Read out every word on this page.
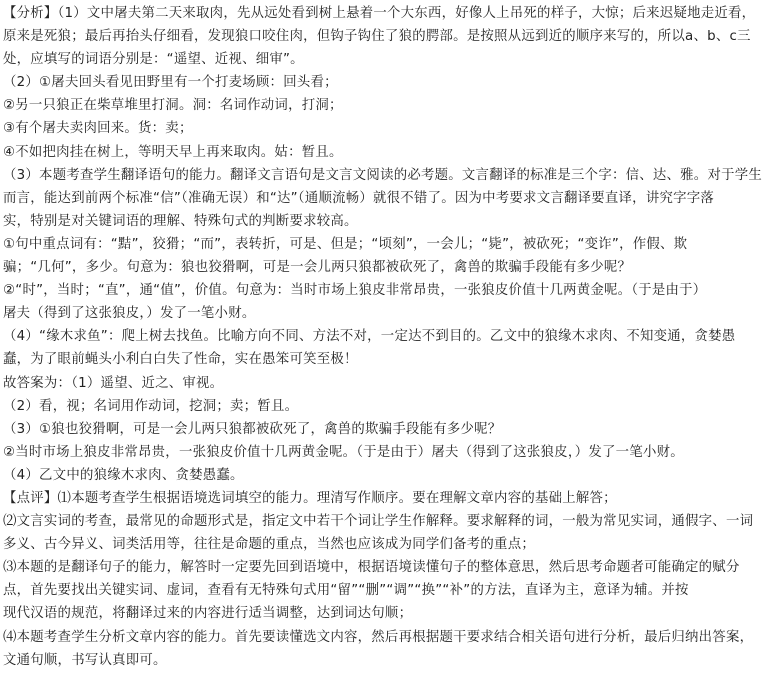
【分析】（1）文中屠夫第二天来取肉，先从远处看到树上悬着一个大东西，好像人上吊死的样子，大惊；后来迟疑地走近看，
原来是死狼；最后再抬头仔细看，发现狼口咬住肉，但钩子钩住了狼的腭部。是按照从远到近的顺序来写的，所以a、b、c三
处，应填写的词语分别是：“遥望、近视、细审”。
（2）①屠夫回头看见田野里有一个打麦场顾：回头看；
②另一只狼正在柴草堆里打洞。洞：名词作动词，打洞；
③有个屠夫卖肉回来。货：卖；
④不如把肉挂在树上，等明天早上再来取肉。姑：暂且。
（3）本题考查学生翻译语句的能力。翻译文言语句是文言文阅读的必考题。文言翻译的标准是三个字：信、达、雅。对于学生
而言，能达到前两个标准“信”（准确无误）和“达”（通顺流畅）就很不错了。因为中考要求文言翻译要直译，讲究字字落
实，特别是对关键词语的理解、特殊句式的判断要求较高。
①句中重点词有：“黠”，狡猾；“而”，表转折，可是、但是；“顷刻”，一会儿；“毙”，被砍死；“变诈”，作假、欺
骗；“几何”，多少。句意为：狼也狡猾啊，可是一会儿两只狼都被砍死了，禽兽的欺骗手段能有多少呢？
②“时”，当时；“直”，通“值”，价值。句意为：当时市场上狼皮非常昂贵，一张狼皮价值十几两黄金呢。（于是由于）
屠夫（得到了这张狼皮，）发了一笔小财。
（4）“缘木求鱼”：爬上树去找鱼。比喻方向不同、方法不对，一定达不到目的。乙文中的狼缘木求肉、不知变通，贪婪愚
蠢，为了眼前蝇头小利白白失了性命，实在愚笨可笑至极！
故答案为：（1）遥望、近之、审视。
（2）看，视；名词用作动词，挖洞；卖；暂且。
（3）①狼也狡猾啊，可是一会儿两只狼都被砍死了，禽兽的欺骗手段能有多少呢？
②当时市场上狼皮非常昂贵，一张狼皮价值十几两黄金呢。（于是由于）屠夫（得到了这张狼皮，）发了一笔小财。
（4）乙文中的狼缘木求肉、贪婪愚蠢。
【点评】⑴本题考查学生根据语境选词填空的能力。理清写作顺序。要在理解文章内容的基础上解答；
⑵文言实词的考查，最常见的命题形式是，指定文中若干个词让学生作解释。要求解释的词，一般为常见实词，通假字、一词
多义、古今异义、词类活用等，往往是命题的重点，当然也应该成为同学们备考的重点；
⑶本题的是翻译句子的能力，解答时一定要先回到语境中，根据语境读懂句子的整体意思，然后思考命题者可能确定的赋分
点，首先要找出关键实词、虚词，查看有无特殊句式用“留”“删”“调”“换”“补”的方法，直译为主，意译为辅。并按
现代汉语的规范，将翻译过来的内容进行适当调整，达到词达句顺；
⑷本题考查学生分析文章内容的能力。首先要读懂选文内容，然后再根据题干要求结合相关语句进行分析，最后归纳出答案，
文通句顺，书写认真即可。
